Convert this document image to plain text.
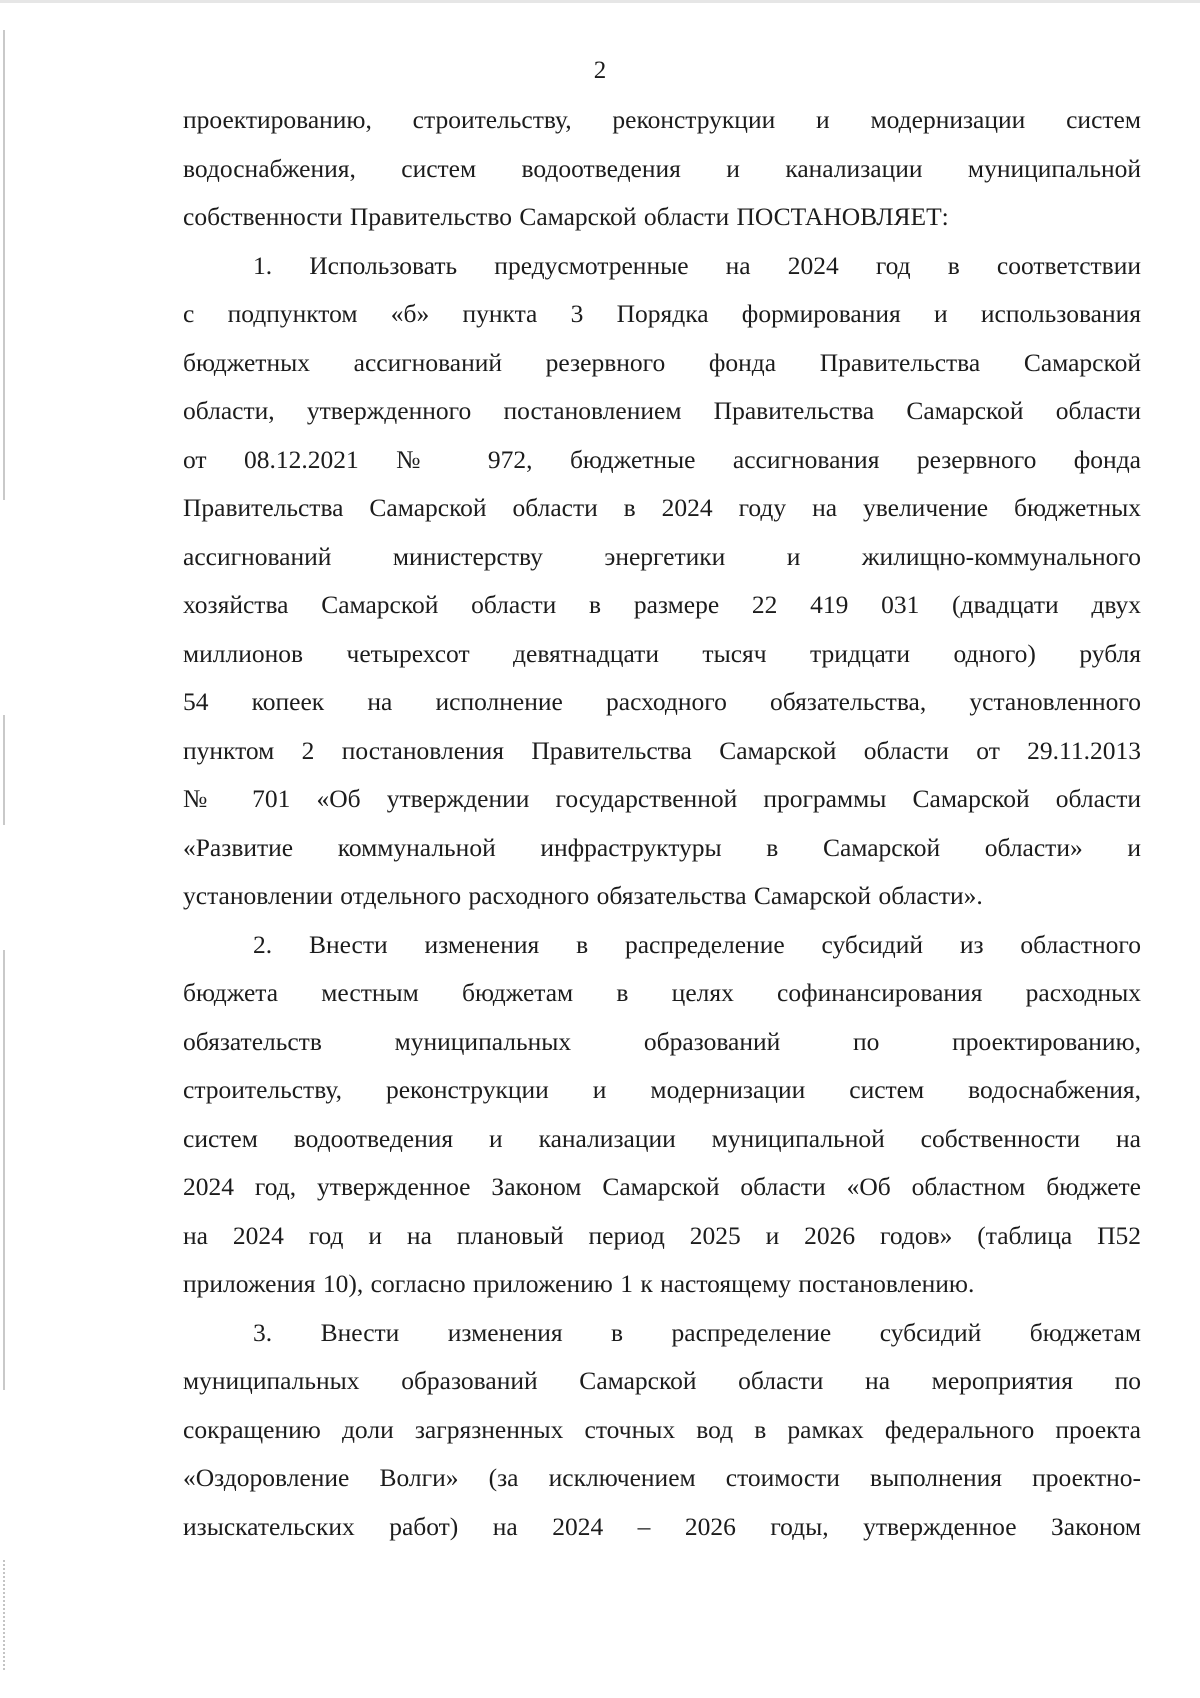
2
проектированию, строительству, реконструкции и модернизации систем
водоснабжения, систем водоотведения и канализации муниципальной
собственности Правительство Самарской области ПОСТАНОВЛЯЕТ:
1. Использовать предусмотренные на 2024 год в соответствии
с подпунктом «б» пункта 3 Порядка формирования и использования
бюджетных ассигнований резервного фонда Правительства Самарской
области, утвержденного постановлением Правительства Самарской области
от 08.12.2021 № 972, бюджетные ассигнования резервного фонда
Правительства Самарской области в 2024 году на увеличение бюджетных
ассигнований министерству энергетики и жилищно-коммунального
хозяйства Самарской области в размере 22 419 031 (двадцати двух
миллионов четырехсот девятнадцати тысяч тридцати одного) рубля
54 копеек на исполнение расходного обязательства, установленного
пунктом 2 постановления Правительства Самарской области от 29.11.2013
№ 701 «Об утверждении государственной программы Самарской области
«Развитие коммунальной инфраструктуры в Самарской области» и
установлении отдельного расходного обязательства Самарской области».
2. Внести изменения в распределение субсидий из областного
бюджета местным бюджетам в целях софинансирования расходных
обязательств муниципальных образований по проектированию,
строительству, реконструкции и модернизации систем водоснабжения,
систем водоотведения и канализации муниципальной собственности на
2024 год, утвержденное Законом Самарской области «Об областном бюджете
на 2024 год и на плановый период 2025 и 2026 годов» (таблица П52
приложения 10), согласно приложению 1 к настоящему постановлению.
3. Внести изменения в распределение субсидий бюджетам
муниципальных образований Самарской области на мероприятия по
сокращению доли загрязненных сточных вод в рамках федерального проекта
«Оздоровление Волги» (за исключением стоимости выполнения проектно-
изыскательских работ) на 2024 – 2026 годы, утвержденное Законом
